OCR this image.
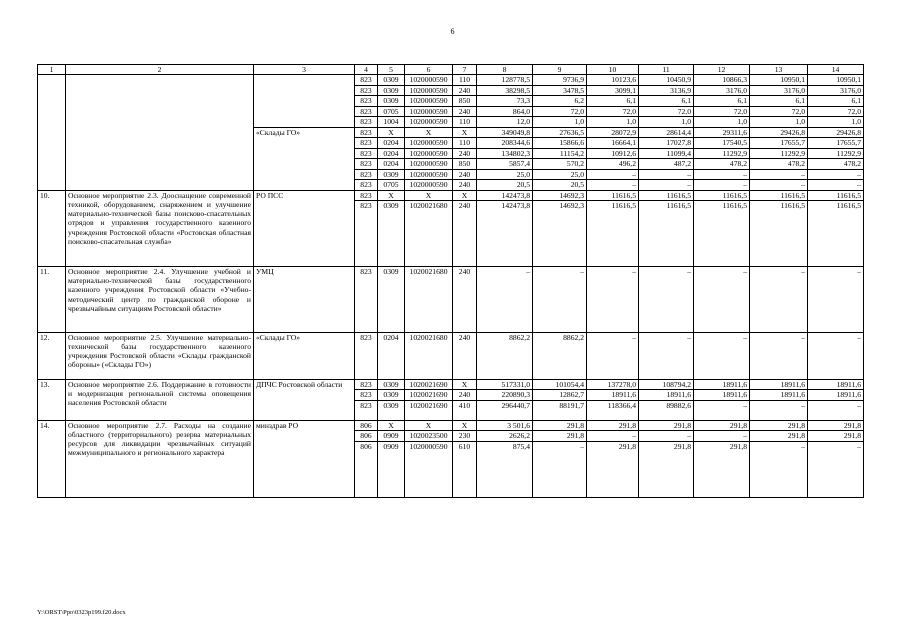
6
1	2	3	4	5	6	7	8	9	10	11	12	13	14
			823	0309	1020000590	110	128778,5	9736,9	10123,6	10450,9	10866,3	10950,1	10950,1
			823	0309	1020000590	240	38298,5	3478,5	3099,1	3136,9	3176,0	3176,0	3176,0
			823	0309	1020000590	850	73,3	6,2	6,1	6,1	6,1	6,1	6,1
			823	0705	1020000590	240	864,0	72,0	72,0	72,0	72,0	72,0	72,0
			823	1004	1020000590	110	12,0	1,0	1,0	1,0	1,0	1,0	1,0
		«Склады ГО»	823	X	X	X	349049,8	27636,5	28072,9	28614,4	29311,6	29426,8	29426,8
			823	0204	1020000590	110	208344,6	15866,6	16664,1	17027,8	17540,5	17655,7	17655,7
			823	0204	1020000590	240	134802,3	11154,2	10912,6	11099,4	11292,9	11292,9	11292,9
			823	0204	1020000590	850	5857,4	570,2	496,2	487,2	478,2	478,2	478,2
			823	0309	1020000590	240	25,0	25,0	–	–	–	–	–
			823	0705	1020000590	240	20,5	20,5	–	–	–	–	–
10.	Основное мероприятие 2.3. Дооснащение современной техникой, оборудованием, снаряжением и улучшение материально-технической базы поисково-спасательных отрядов и управления государственного казенного учреждения Ростовской области «Ростовская областная поисково-спасательная служба»	РО ПСС	823	X	X	X	142473,8	14692,3	11616,5	11616,5	11616,5	11616,5	11616,5
			823	0309	1020021680	240	142473,8	14692,3	11616,5	11616,5	11616,5	11616,5	11616,5
11.	Основное мероприятие 2.4. Улучшение учебной и материально-технической базы государственного казенного учреждения Ростовской области «Учебно-методический центр по гражданской обороне и чрезвычайным ситуациям Ростовской области»	УМЦ	823	0309	1020021680	240	–	–	–	–	–	–	–
12.	Основное мероприятие 2.5. Улучшение материально-технической базы государственного казенного учреждения Ростовской области «Склады гражданской обороны» («Склады ГО»)	«Склады ГО»	823	0204	1020021680	240	8862,2	8862,2	–	–	–	–	–
13.	Основное мероприятие 2.6. Поддержание в готовности и модернизация региональной системы оповещения населения Ростовской области	ДПЧС Ростовской области	823	0309	1020021690	X	517331,0	101054,4	137278,0	108794,2	18911,6	18911,6	18911,6
			823	0309	1020021690	240	220890,3	12862,7	18911,6	18911,6	18911,6	18911,6	18911,6
			823	0309	1020021690	410	296440,7	88191,7	118366,4	89882,6	–	–	–
14.	Основное мероприятие 2.7. Расходы на создание областного (территориального) резерва материальных ресурсов для ликвидации чрезвычайных ситуаций межмуниципального и регионального характера	минздрав РО	806	X	X	X	3 501,6	291,8	291,8	291,8	291,8	291,8	291,8
			806	0909	1020023500	230	2626,2	291,8	–	–	–	291,8	291,8
			806	0909	1020000590	610	875,4	–	291,8	291,8	291,8	–	–
Y:\ORST\Ppo\0323p199.f20.docx
